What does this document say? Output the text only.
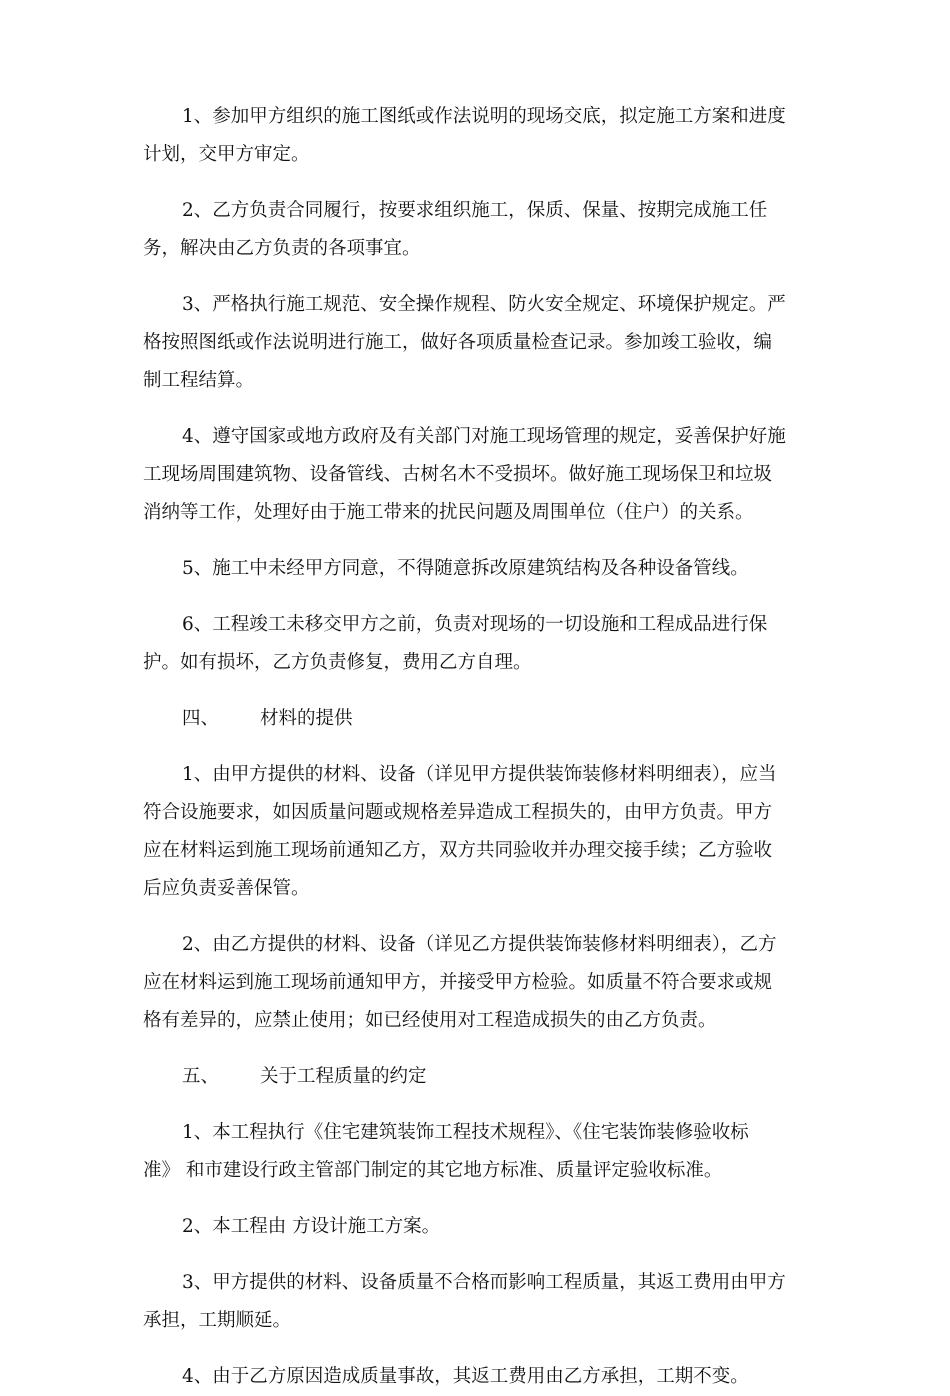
1、参加甲方组织的施工图纸或作法说明的现场交底，拟定施工方案和进度
计划，交甲方审定。
2、乙方负责合同履行，按要求组织施工，保质、保量、按期完成施工任
务，解决由乙方负责的各项事宜。
3、严格执行施工规范、安全操作规程、防火安全规定、环境保护规定。严
格按照图纸或作法说明进行施工，做好各项质量检查记录。参加竣工验收，编
制工程结算。
4、遵守国家或地方政府及有关部门对施工现场管理的规定，妥善保护好施
工现场周围建筑物、设备管线、古树名木不受损坏。做好施工现场保卫和垃圾
消纳等工作，处理好由于施工带来的扰民问题及周围单位（住户）的关系。
5、施工中未经甲方同意，不得随意拆改原建筑结构及各种设备管线。
6、工程竣工未移交甲方之前，负责对现场的一切设施和工程成品进行保
护。如有损坏，乙方负责修复，费用乙方自理。
四、 材料的提供
1、由甲方提供的材料、设备（详见甲方提供装饰装修材料明细表），应当
符合设施要求，如因质量问题或规格差异造成工程损失的，由甲方负责。甲方
应在材料运到施工现场前通知乙方，双方共同验收并办理交接手续；乙方验收
后应负责妥善保管。
2、由乙方提供的材料、设备（详见乙方提供装饰装修材料明细表），乙方
应在材料运到施工现场前通知甲方，并接受甲方检验。如质量不符合要求或规
格有差异的，应禁止使用；如已经使用对工程造成损失的由乙方负责。
五、 关于工程质量的约定
1、本工程执行《住宅建筑装饰工程技术规程》、《住宅装饰装修验收标
准》 和市建设行政主管部门制定的其它地方标准、质量评定验收标准。
2、本工程由 方设计施工方案。
3、甲方提供的材料、设备质量不合格而影响工程质量，其返工费用由甲方
承担，工期顺延。
4、由于乙方原因造成质量事故，其返工费用由乙方承担，工期不变。
